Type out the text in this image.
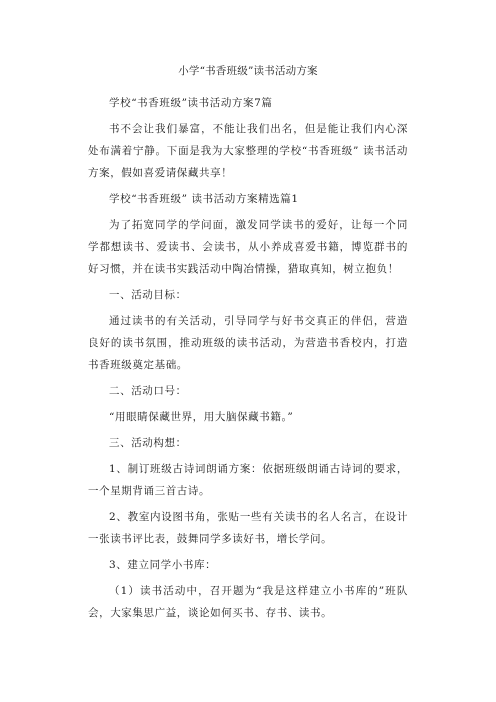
小学“书香班级”读书活动方案

学校“书香班级”读书活动方案7篇

书不会让我们暴富，不能让我们出名，但是能让我们内心深处布满着宁静。下面是我为大家整理的学校“书香班级” 读书活动方案，假如喜爱请保藏共享！

学校“书香班级” 读书活动方案精选篇1

为了拓宽同学的学问面，激发同学读书的爱好，让每一个同学都想读书、爱读书、会读书，从小养成喜爱书籍，博览群书的好习惯，并在读书实践活动中陶冶情操，猎取真知，树立抱负！

一、活动目标：

通过读书的有关活动，引导同学与好书交真正的伴侣，营造良好的读书氛围，推动班级的读书活动，为营造书香校内，打造书香班级奠定基础。

二、活动口号：

“用眼睛保藏世界，用大脑保藏书籍。”

三、活动构想：

1、制订班级古诗词朗诵方案：依据班级朗诵古诗词的要求，一个星期背诵三首古诗。

2、教室内设图书角，张贴一些有关读书的名人名言，在设计一张读书评比表，鼓舞同学多读好书，增长学问。

3、建立同学小书库：

（1）读书活动中，召开题为“我是这样建立小书库的”班队会，大家集思广益，谈论如何买书、存书、读书。
